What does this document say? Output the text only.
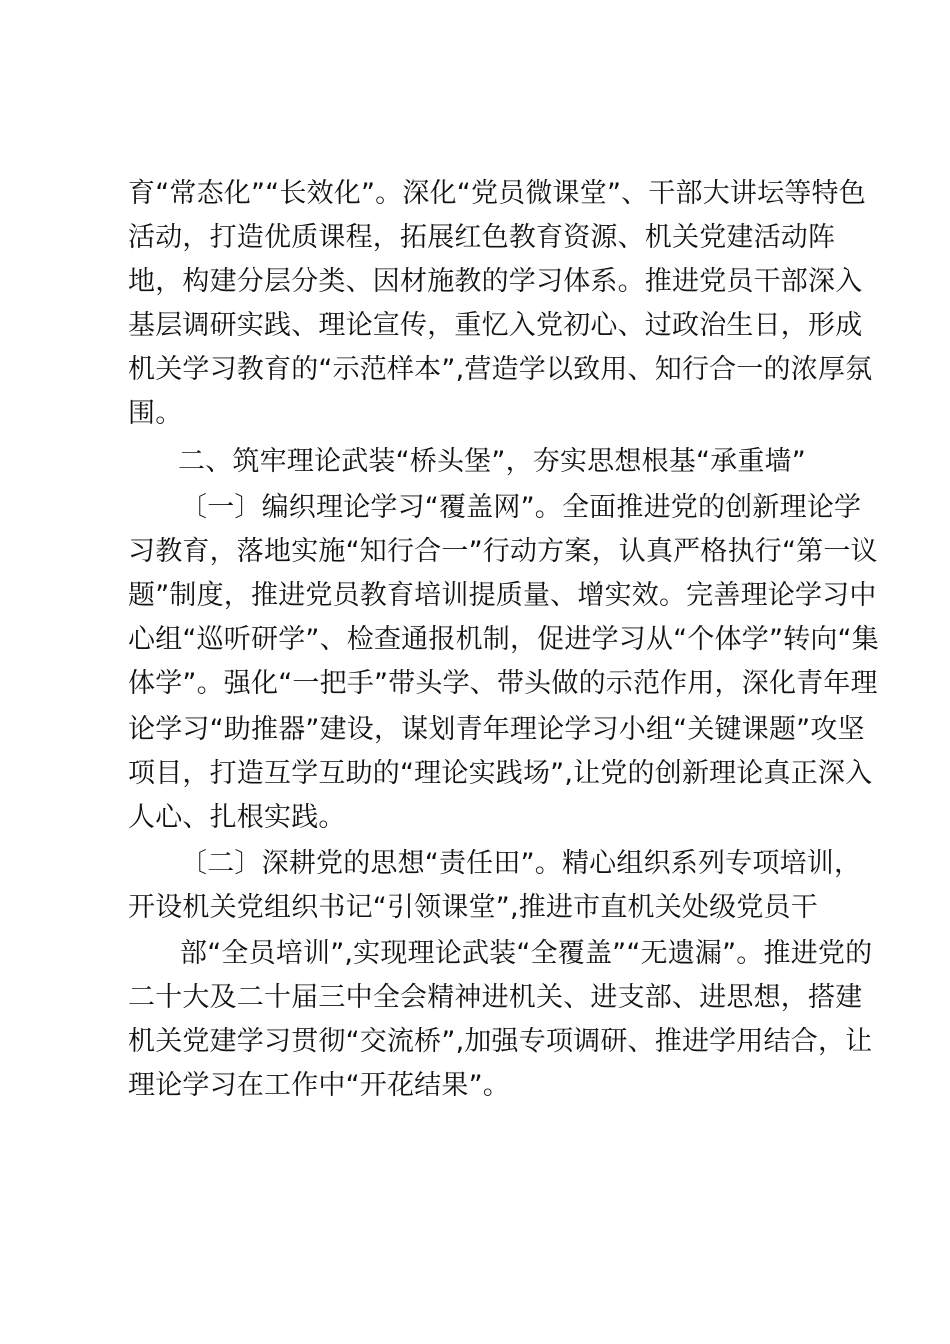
育“常态化”“长效化”。深化“党员微课堂”、干部大讲坛等特色
活动，打造优质课程，拓展红色教育资源、机关党建活动阵
地，构建分层分类、因材施教的学习体系。推进党员干部深入
基层调研实践、理论宣传，重忆入党初心、过政治生日，形成
机关学习教育的“示范样本”,营造学以致用、知行合一的浓厚氛
围。
二、筑牢理论武装“桥头堡”，夯实思想根基“承重墙”
〔一〕编织理论学习“覆盖网”。全面推进党的创新理论学
习教育，落地实施“知行合一”行动方案，认真严格执行“第一议
题”制度，推进党员教育培训提质量、增实效。完善理论学习中
心组“巡听研学”、检查通报机制，促进学习从“个体学”转向“集
体学”。强化“一把手”带头学、带头做的示范作用，深化青年理
论学习“助推器”建设，谋划青年理论学习小组“关键课题”攻坚
项目，打造互学互助的“理论实践场”,让党的创新理论真正深入
人心、扎根实践。
〔二〕深耕党的思想“责任田”。精心组织系列专项培训，
开设机关党组织书记“引领课堂”,推进市直机关处级党员干
部“全员培训”,实现理论武装“全覆盖”“无遗漏”。推进党的
二十大及二十届三中全会精神进机关、进支部、进思想，搭建
机关党建学习贯彻“交流桥”,加强专项调研、推进学用结合，让
理论学习在工作中“开花结果”。
